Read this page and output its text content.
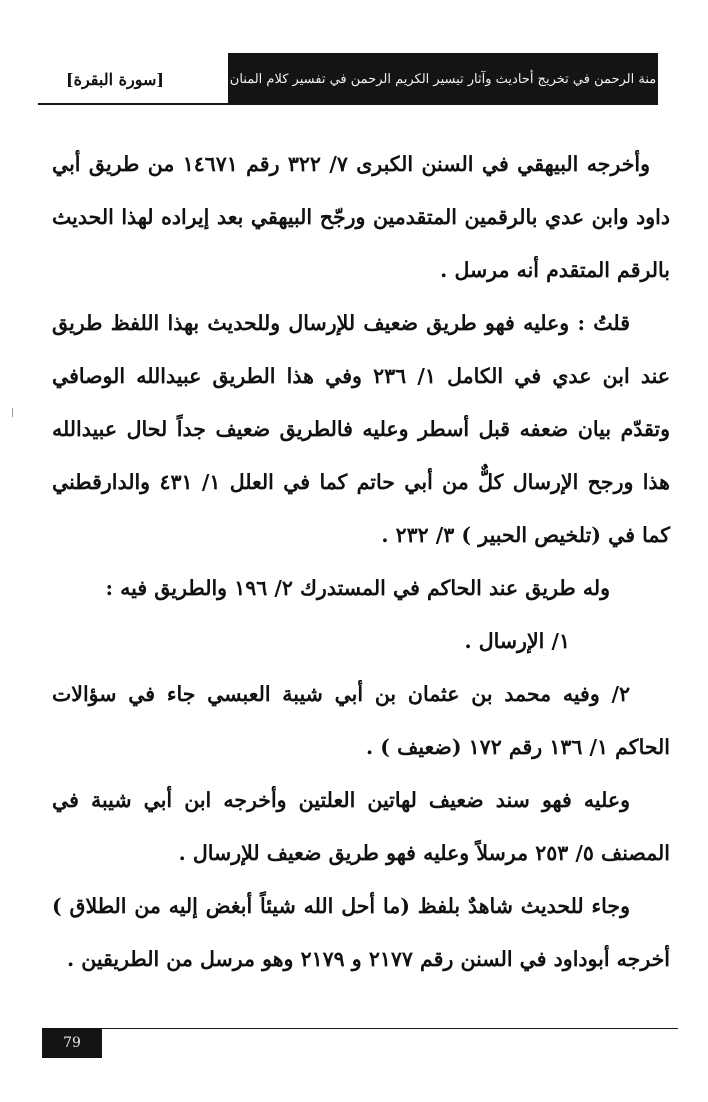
منة الرحمن في تخريج أحاديث وآثار تيسير الكريم الرحمن في تفسير كلام المنان
[سورة البقرة]

وأخرجه البيهقي في السنن الكبرى ٧/ ٣٢٢ رقم ١٤٦٧١ من طريق أبي داود وابن عدي بالرقمين المتقدمين ورجّح البيهقي بعد إيراده لهذا الحديث بالرقم المتقدم أنه مرسل .

قلتُ : وعليه فهو طريق ضعيف للإرسال وللحديث بهذا اللفظ طريق عند ابن عدي في الكامل ١/ ٢٣٦ وفي هذا الطريق عبيدالله الوصافي وتقدّم بيان ضعفه قبل أسطر وعليه فالطريق ضعيف جداً لحال عبيدالله هذا ورجح الإرسال كلٌّ من أبي حاتم كما في العلل ١/ ٤٣١ والدارقطني كما في (تلخيص الحبير ) ٣/ ٢٣٢ .

وله طريق عند الحاكم في المستدرك ٢/ ١٩٦ والطريق فيه :

١/ الإرسال .

٢/ وفيه محمد بن عثمان بن أبي شيبة العبسي جاء في سؤالات الحاكم ١/ ١٣٦ رقم ١٧٢ (ضعيف ) .

وعليه فهو سند ضعيف لهاتين العلتين وأخرجه ابن أبي شيبة في المصنف ٥/ ٢٥٣ مرسلاً وعليه فهو طريق ضعيف للإرسال .

وجاء للحديث شاهدٌ بلفظ (ما أحل الله شيئاً أبغض إليه من الطلاق ) أخرجه أبوداود في السنن رقم ٢١٧٧ و ٢١٧٩ وهو مرسل من الطريقين .

79
